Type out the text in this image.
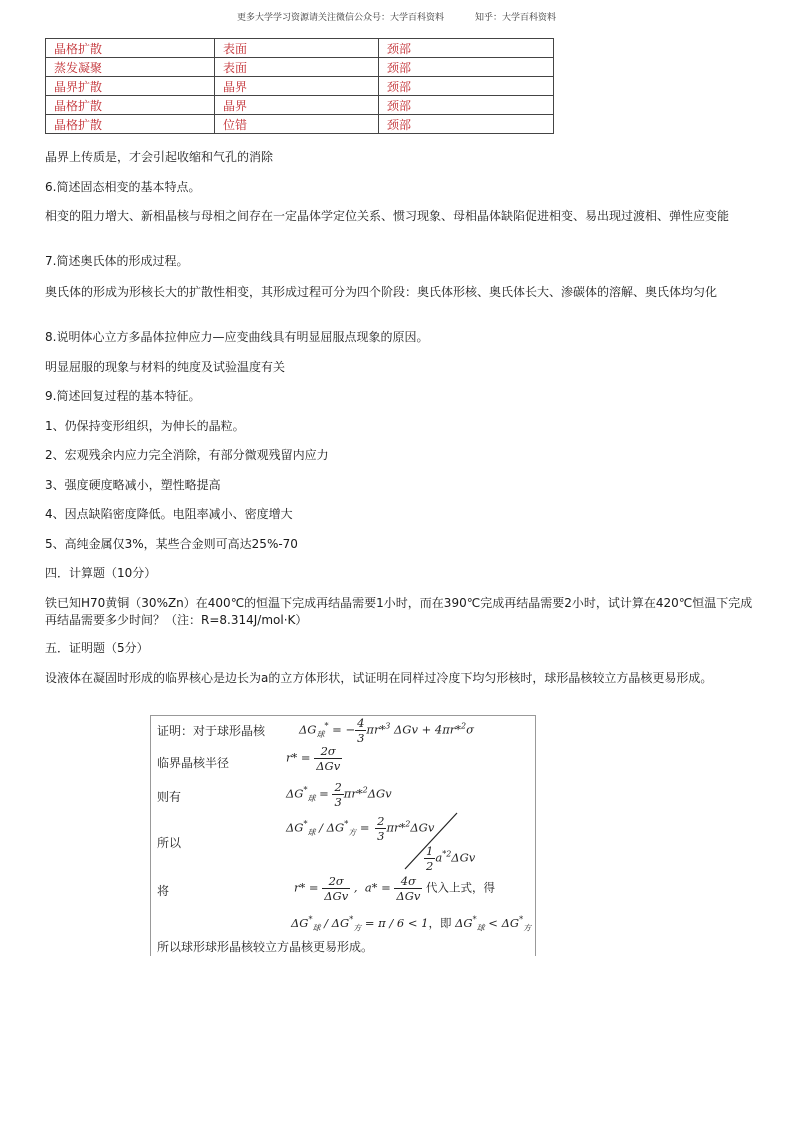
更多大学学习资源请关注微信公众号：大学百科资料	知乎：大学百科资料
晶格扩散	表面	颈部
蒸发凝聚	表面	颈部
晶界扩散	晶界	颈部
晶格扩散	晶界	颈部
晶格扩散	位错	颈部
晶界上传质是，才会引起收缩和气孔的消除
6.简述固态相变的基本特点。
相变的阻力增大、新相晶核与母相之间存在一定晶体学定位关系、惯习现象、母相晶体缺陷促进相变、易出现过渡相、弹性应变能
7.简述奥氏体的形成过程。
奥氏体的形成为形核长大的扩散性相变，其形成过程可分为四个阶段：奥氏体形核、奥氏体长大、渗碳体的溶解、奥氏体均匀化
8.说明体心立方多晶体拉伸应力—应变曲线具有明显屈服点现象的原因。
明显屈服的现象与材料的纯度及试验温度有关
9.简述回复过程的基本特征。
1、仍保持变形组织，为伸长的晶粒。
2、宏观残余内应力完全消除，有部分微观残留内应力
3、强度硬度略减小，塑性略提高
4、因点缺陷密度降低。电阻率减小、密度增大
5、高纯金属仅3%，某些合金则可高达25%-70
四．计算题（10分）
铁已知H70黄铜（30%Zn）在400℃的恒温下完成再结晶需要1小时，而在390℃完成再结晶需要2小时，试计算在420℃恒温下完成再结晶需要多少时间？（注：R=8.314J/mol·K）
五．证明题（5分）
设液体在凝固时形成的临界核心是边长为a的立方体形状，试证明在同样过冷度下均匀形核时，球形晶核较立方晶核更易形成。
证明：对于球形晶核	$\Delta G_球^*$ = − $\frac{4}{3} \pi r*^3$ ΔGv + 4πr*$^2$σ
临界晶核半径	$r* = \frac{2\sigma}{\text{ΔGv}}$
则有	$\Delta G^*_球 = \frac{2}{3} \pi r*^2\Delta Gv$
所以
$\Delta G^*_球 / \Delta G^*_方 = \frac{2}{3} \pi r*^2\Delta Gv$
$\frac{1}{2} a^{*2}\Delta Gv$
将	$r* = \frac{2\sigma}{\text{ΔGv}}$ ,  $a* = \frac{4\sigma}{\text{ΔGv}}$ 代入上式，得
$\Delta G^*_球 / \Delta G^*_方 = \pi / 6 < 1$，即 $\Delta G^*_球 < \Delta G^*_方$
所以球形球形晶核较立方晶核更易形成。
